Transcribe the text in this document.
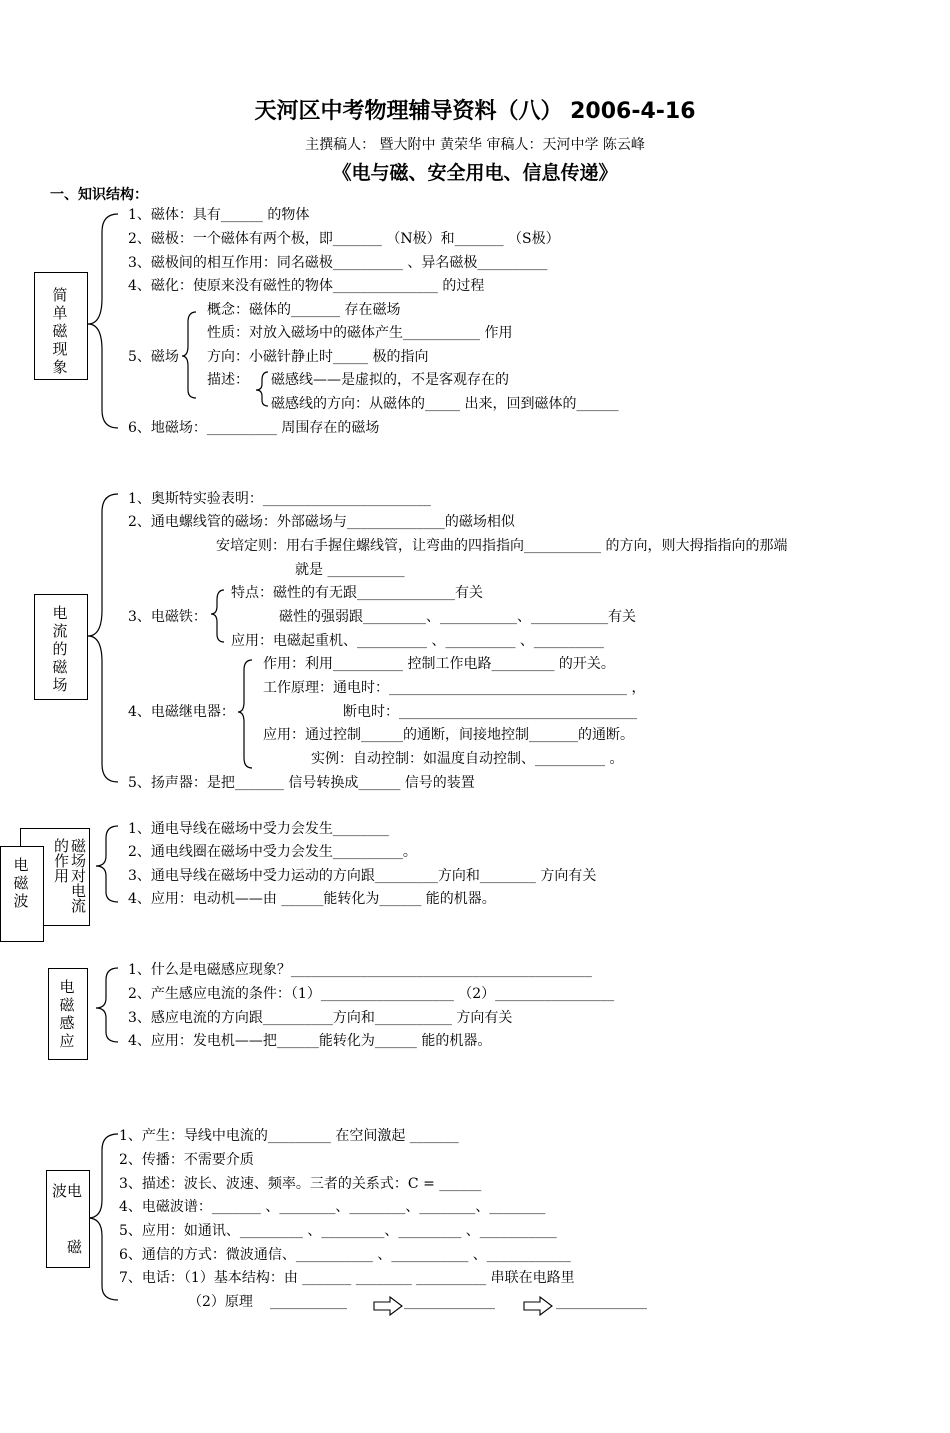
天河区中考物理辅导资料（八） 2006-4-16
主撰稿人： 暨大附中 黄荣华 审稿人：天河中学 陈云峰
《电与磁、安全用电、信息传递》
一、知识结构：
简单磁现象
1、磁体：具有______ 的物体
2、磁极：一个磁体有两个极，即_______ （N极）和_______ （S极）
3、磁极间的相互作用：同名磁极__________ 、异名磁极__________
4、磁化：使原来没有磁性的物体_______________ 的过程
概念：磁体的_______ 存在磁场
性质：对放入磁场中的磁体产生___________ 作用
5、磁场 方向：小磁针静止时_____ 极的指向
描述： 磁感线——是虚拟的，不是客观存在的
磁感线的方向：从磁体的_____ 出来，回到磁体的______
6、地磁场：__________ 周围存在的磁场
电流的磁场
1、奥斯特实验表明：________________________
2、通电螺线管的磁场：外部磁场与______________的磁场相似
安培定则：用右手握住螺线管，让弯曲的四指指向___________ 的方向，则大拇指指向的那端
就是 ___________
特点：磁性的有无跟______________有关
3、电磁铁：	磁性的强弱跟_________、___________、___________有关
应用：电磁起重机、__________ 、__________ 、__________
作用：利用__________ 控制工作电路_________ 的开关。
工作原理：通电时：__________________________________ ，
4、电磁继电器：	断电时：__________________________________
应用：通过控制______的通断，间接地控制_______的通断。
实例：自动控制：如温度自动控制、__________ 。
5、扬声器：是把_______ 信号转换成______ 信号的装置
电磁波	磁场对电流的作用
1、通电导线在磁场中受力会发生________
2、通电线圈在磁场中受力会发生__________。
3、通电导线在磁场中受力运动的方向跟_________方向和________ 方向有关
4、应用：电动机——由 ______能转化为______ 能的机器。
电磁感应
1、什么是电磁感应现象？___________________________________________
2、产生感应电流的条件：（1）___________________ （2）_________________
3、感应电流的方向跟__________方向和___________ 方向有关
4、应用：发电机——把______能转化为______ 能的机器。
波电
磁
1、产生：导线中电流的_________ 在空间激起 _______
2、传播：不需要介质
3、描述：波长、波速、频率。三者的关系式：C = ______
4、电磁波谱：_______ 、________、________、________、________
5、应用：如通讯、_________ 、_________、_________ 、___________
6、通信的方式：微波通信、___________ 、___________ 、____________
7、电话：（1）基本结构：由 _______ ________ __________ 串联在电路里
（2）原理 ___________	_____________	_____________
